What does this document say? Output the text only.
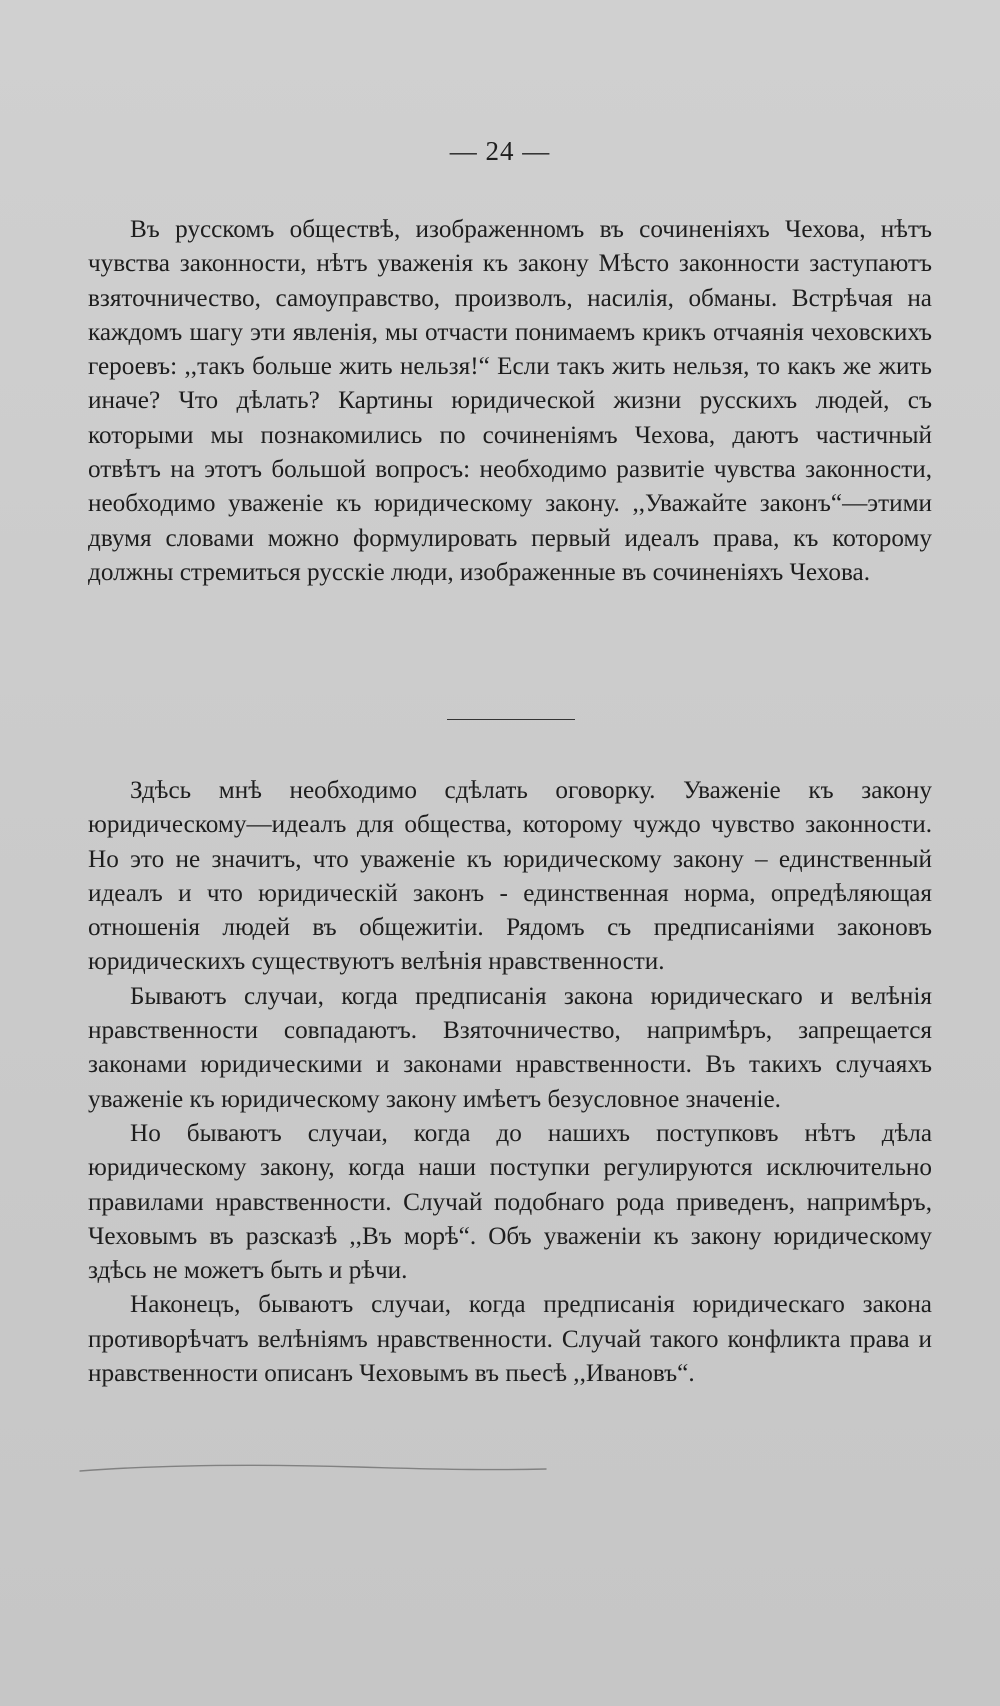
— 24 —

Въ русскомъ обществѣ, изображенномъ въ сочиненіяхъ Чехова, нѣтъ чувства законности, нѣтъ уваженія къ закону Мѣсто законности заступаютъ взяточничество, самоуправство, произволъ, насилія, обманы. Встрѣчая на каждомъ шагу эти явленія, мы отчасти понимаемъ крикъ отчаянія чеховскихъ героевъ: ,,такъ больше жить нельзя!“ Если такъ жить нельзя, то какъ же жить иначе? Что дѣлать? Картины юридической жизни русскихъ людей, съ которыми мы познакомились по сочиненіямъ Чехова, даютъ частичный отвѣтъ на этотъ большой вопросъ: необходимо развитіе чувства законности, необходимо уваженіе къ юридическому закону. ,,Уважайте законъ“—этими двумя словами можно формулировать первый идеалъ права, къ которому должны стремиться русскіе люди, изображенные въ сочиненіяхъ Чехова.

Здѣсь мнѣ необходимо сдѣлать оговорку. Уваженіе къ закону юридическому—идеалъ для общества, которому чуждо чувство законности. Но это не значитъ, что уваженіе къ юридическому закону – единственный идеалъ и что юридическій законъ - единственная норма, опредѣляющая отношенія людей въ общежитіи. Рядомъ съ предписаніями законовъ юридическихъ существуютъ велѣнія нравственности.

Бываютъ случаи, когда предписанія закона юридическаго и велѣнія нравственности совпадаютъ. Взяточничество, напримѣръ, запрещается законами юридическими и законами нравственности. Въ такихъ случаяхъ уваженіе къ юридическому закону имѣетъ безусловное значеніе.

Но бываютъ случаи, когда до нашихъ поступковъ нѣтъ дѣла юридическому закону, когда наши поступки регулируются исключительно правилами нравственности. Случай подобнаго рода приведенъ, напримѣръ, Чеховымъ въ разсказѣ ,,Въ морѣ“. Объ уваженіи къ закону юридическому здѣсь не можетъ быть и рѣчи.

Наконецъ, бываютъ случаи, когда предписанія юридическаго закона противорѣчатъ велѣніямъ нравственности. Случай такого конфликта права и нравственности описанъ Чеховымъ въ пьесѣ ,,Ивановъ“.
